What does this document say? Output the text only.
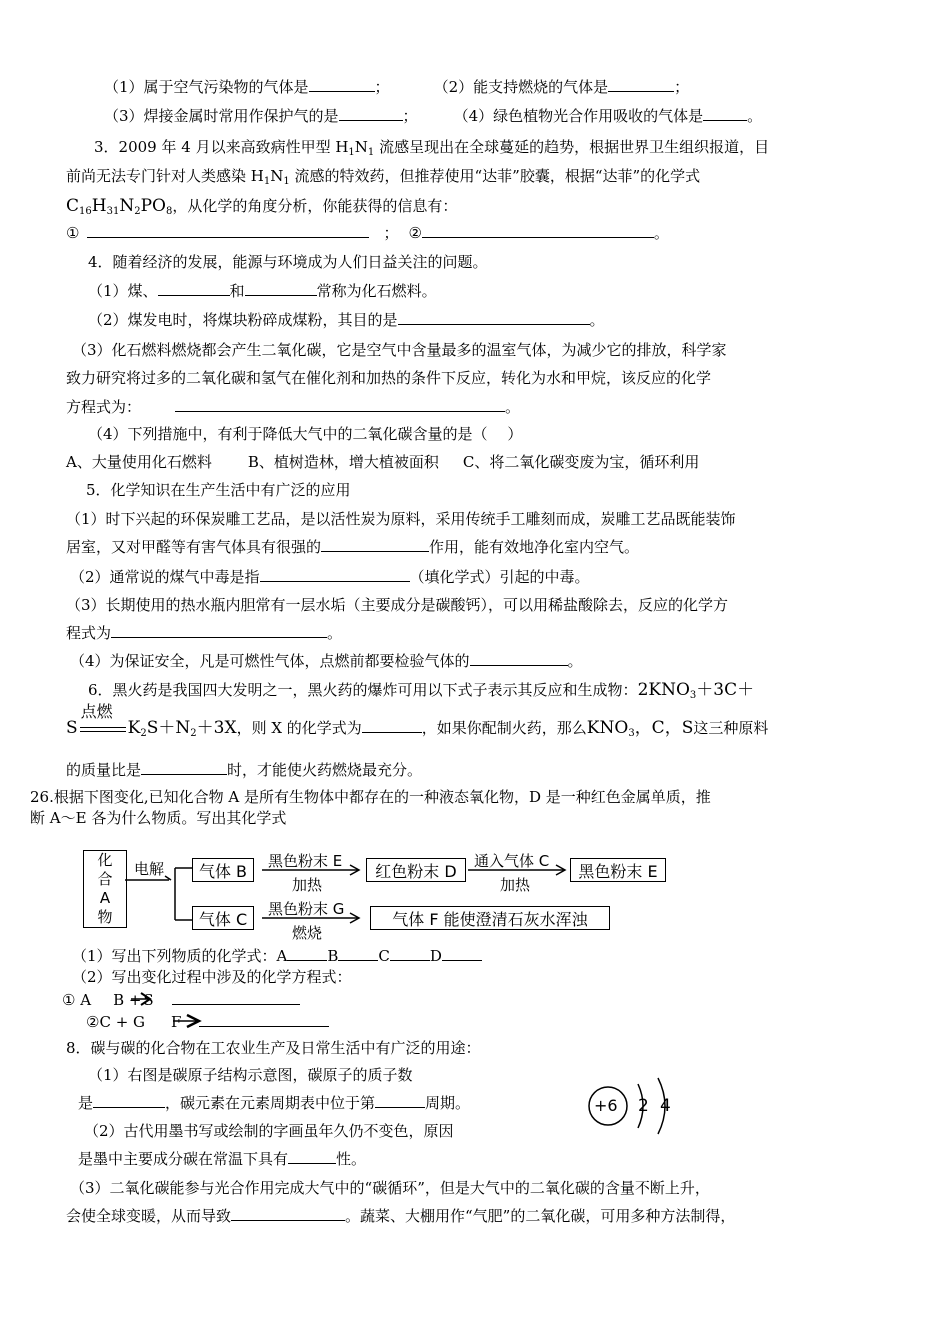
（1）属于空气污染物的气体是	；	（2）能支持燃烧的气体是	；
（3）焊接金属时常用作保护气的是	； （4）绿色植物光合作用吸收的气体是	。
3．2009 年 4 月以来高致病性甲型 $H_1N_1$ 流感呈现出在全球蔓延的趋势，根据世界卫生组织报道，目
前尚无法专门针对人类感染 $H_1N_1$ 流感的特效药，但推荐使用“达菲”胶囊，根据“达菲”的化学式
$C_{16}H_{31}N_2PO_8$，从化学的角度分析，你能获得的信息有：
①	； ②	。
4．随着经济的发展，能源与环境成为人们日益关注的问题。
（1）煤、	和	常称为化石燃料。
（2）煤发电时，将煤块粉碎成煤粉，其目的是	。
（3）化石燃料燃烧都会产生二氧化碳，它是空气中含量最多的温室气体，为减少它的排放，科学家
致力研究将过多的二氧化碳和氢气在催化剂和加热的条件下反应，转化为水和甲烷，该反应的化学
方程式为：	。
（4）下列措施中，有利于降低大气中的二氧化碳含量的是（　 ）
A、大量使用化石燃料 B、植树造林，增大植被面积 C、将二氧化碳变废为宝，循环利用
5．化学知识在生产生活中有广泛的应用
（1）时下兴起的环保炭雕工艺品，是以活性炭为原料，采用传统手工雕刻而成，炭雕工艺品既能装饰
居室，又对甲醛等有害气体具有很强的	作用，能有效地净化室内空气。
（2）通常说的煤气中毒是指	（填化学式）引起的中毒。
（3）长期使用的热水瓶内胆常有一层水垢（主要成分是碳酸钙），可以用稀盐酸除去，反应的化学方
程式为	。
（4）为保证安全，凡是可燃性气体，点燃前都要检验气体的	。
6．黑火药是我国四大发明之一，黑火药的爆炸可用以下式子表示其反应和生成物：$2KNO_3+3C+$
S
点燃
$K_2S+N_2+3X$，则 X 的化学式为	，如果你配制火药，那么$KNO_3$，C，S这三种原料
的质量比是	时，才能使火药燃烧最充分。
26.根据下图变化,已知化合物 A 是所有生物体中都存在的一种液态氧化物，D 是一种红色金属单质，推
断 A～E 各为什么物质。写出其化学式
化
合
A
物
电解	气体 B
气体 C
黑色粉末 E
加热
红色粉末 D
通入气体 C
加热
黑色粉末 E
黑色粉末 G
燃烧
气体 F 能使澄清石灰水浑浊
（1）写出下列物质的化学式：A	B	C	D
（2）写出变化过程中涉及的化学方程式：
① A B + S
②C + G F
8．碳与碳的化合物在工农业生产及日常生活中有广泛的用途：
（1）右图是碳原子结构示意图，碳原子的质子数
是	，碳元素在元素周期表中位于第	周期。
（2）古代用墨书写或绘制的字画虽年久仍不变色，原因
是墨中主要成分碳在常温下具有	性。
（3）二氧化碳能参与光合作用完成大气中的“碳循环”，但是大气中的二氧化碳的含量不断上升，
会使全球变暖，从而导致	。蔬菜、大棚用作“气肥”的二氧化碳，可用多种方法制得，
+6 2 4
